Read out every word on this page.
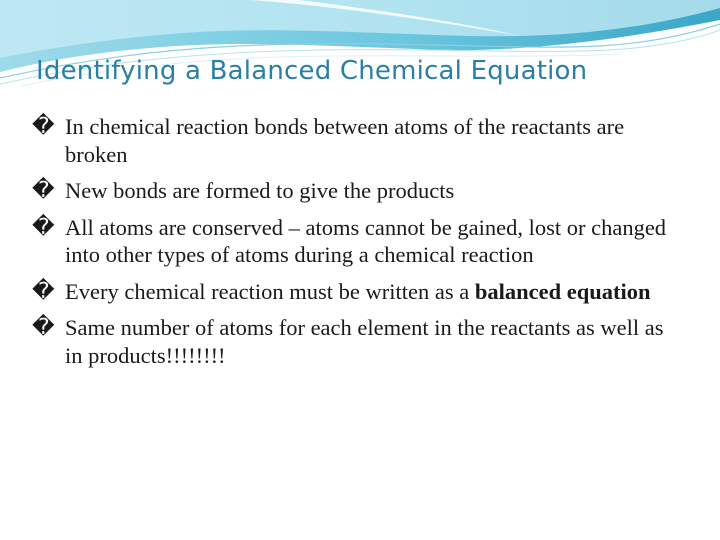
Identifying a Balanced Chemical Equation
� In chemical reaction bonds between atoms of the reactants are broken
� New bonds are formed to give the products
� All atoms are conserved – atoms cannot be gained, lost or changed into other types of atoms during a chemical reaction
� Every chemical reaction must be written as a balanced equation
� Same number of atoms for each element in the reactants as well as in products!!!!!!!!
